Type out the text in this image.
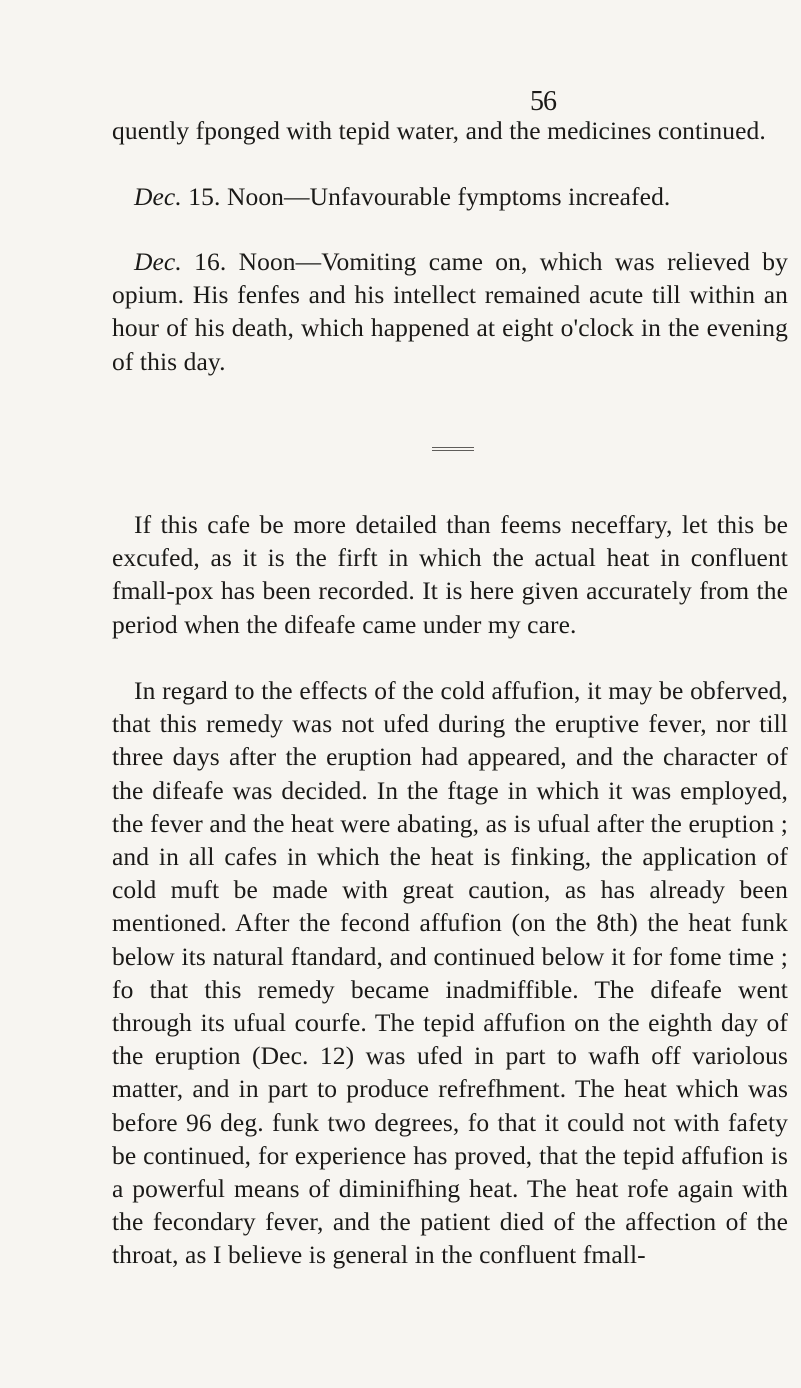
56

quently fponged with tepid water, and the medicines continued.

Dec. 15. Noon—Unfavourable fymptoms increafed.

Dec. 16. Noon—Vomiting came on, which was relieved by opium. His fenfes and his intellect remained acute till within an hour of his death, which happened at eight o'clock in the evening of this day.

If this cafe be more detailed than feems neceffary, let this be excufed, as it is the firft in which the actual heat in confluent fmall-pox has been recorded. It is here given accurately from the period when the difeafe came under my care.

In regard to the effects of the cold affufion, it may be obferved, that this remedy was not ufed during the eruptive fever, nor till three days after the eruption had appeared, and the character of the difeafe was decided. In the ftage in which it was employed, the fever and the heat were abating, as is ufual after the eruption ; and in all cafes in which the heat is finking, the application of cold muft be made with great caution, as has already been mentioned. After the fecond affufion (on the 8th) the heat funk below its natural ftandard, and continued below it for fome time ; fo that this remedy became inadmiffible. The difeafe went through its ufual courfe. The tepid affufion on the eighth day of the eruption (Dec. 12) was ufed in part to wafh off variolous matter, and in part to produce refrefhment. The heat which was before 96 deg. funk two degrees, fo that it could not with fafety be continued, for experience has proved, that the tepid affufion is a powerful means of diminifhing heat. The heat rofe again with the fecondary fever, and the patient died of the affection of the throat, as I believe is general in the confluent fmall-
